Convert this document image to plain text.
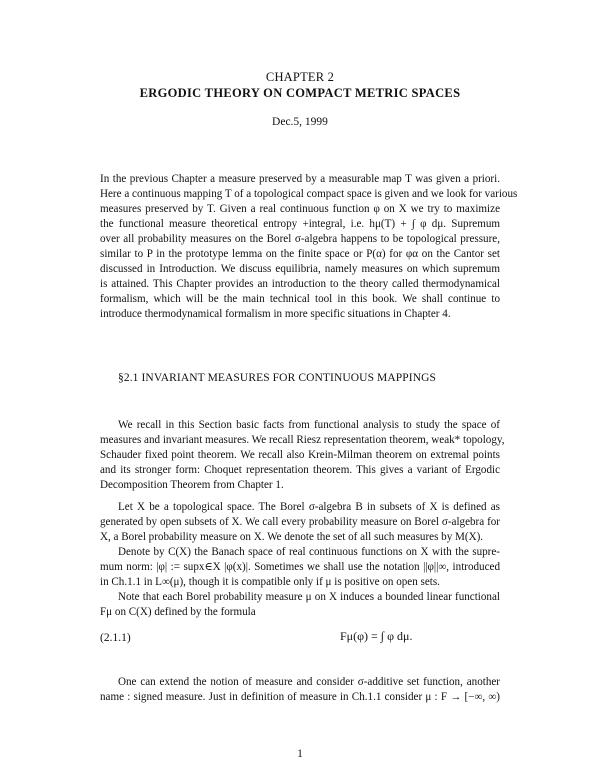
CHAPTER 2
ERGODIC THEORY ON COMPACT METRIC SPACES
Dec.5, 1999
In the previous Chapter a measure preserved by a measurable map T was given a priori.
Here a continuous mapping T of a topological compact space is given and we look for various
measures preserved by T. Given a real continuous function φ on X we try to maximize
the functional measure theoretical entropy +integral, i.e. hμ(T) + ∫ φ dμ. Supremum
over all probability measures on the Borel σ-algebra happens to be topological pressure,
similar to P in the prototype lemma on the finite space or P(α) for φα on the Cantor set
discussed in Introduction. We discuss equilibria, namely measures on which supremum
is attained. This Chapter provides an introduction to the theory called thermodynamical
formalism, which will be the main technical tool in this book. We shall continue to
introduce thermodynamical formalism in more specific situations in Chapter 4.
§2.1 INVARIANT MEASURES FOR CONTINUOUS MAPPINGS
We recall in this Section basic facts from functional analysis to study the space of
measures and invariant measures. We recall Riesz representation theorem, weak* topology,
Schauder fixed point theorem. We recall also Krein-Milman theorem on extremal points
and its stronger form: Choquet representation theorem. This gives a variant of Ergodic
Decomposition Theorem from Chapter 1.
Let X be a topological space. The Borel σ-algebra B in subsets of X is defined as
generated by open subsets of X. We call every probability measure on Borel σ-algebra for
X, a Borel probability measure on X. We denote the set of all such measures by M(X).
Denote by C(X) the Banach space of real continuous functions on X with the supre-
mum norm: |φ| := supx∈X |φ(x)|. Sometimes we shall use the notation ||φ||∞, introduced
in Ch.1.1 in L∞(μ), though it is compatible only if μ is positive on open sets.
Note that each Borel probability measure μ on X induces a bounded linear functional
Fμ on C(X) defined by the formula
(2.1.1)	Fμ(φ) = ∫ φ dμ.
One can extend the notion of measure and consider σ-additive set function, another
name : signed measure. Just in definition of measure in Ch.1.1 consider μ : F → [−∞, ∞)
1
